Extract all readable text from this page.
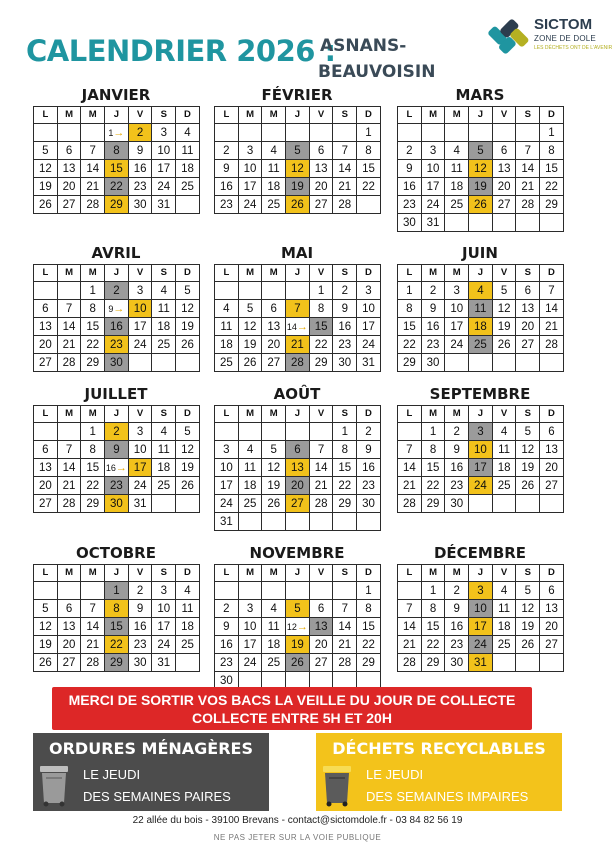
CALENDRIER 2026 :
ASNANS-
BEAUVOISIN
SICTOM
ZONE DE DOLE
LES DÉCHETS ONT DE L'AVENIR
JANVIER
L	M	M	J	V	S	D
			1→	2	3	4
5	6	7	8	9	10	11
12	13	14	15	16	17	18
19	20	21	22	23	24	25
26	27	28	29	30	31	
FÉVRIER
L	M	M	J	V	S	D
						1
2	3	4	5	6	7	8
9	10	11	12	13	14	15
16	17	18	19	20	21	22
23	24	25	26	27	28	
MARS
L	M	M	J	V	S	D
						1
2	3	4	5	6	7	8
9	10	11	12	13	14	15
16	17	18	19	20	21	22
23	24	25	26	27	28	29
30	31					
AVRIL
L	M	M	J	V	S	D
		1	2	3	4	5
6	7	8	9→	10	11	12
13	14	15	16	17	18	19
20	21	22	23	24	25	26
27	28	29	30			
MAI
L	M	M	J	V	S	D
				1	2	3
4	5	6	7	8	9	10
11	12	13	14→	15	16	17
18	19	20	21	22	23	24
25	26	27	28	29	30	31
JUIN
L	M	M	J	V	S	D
1	2	3	4	5	6	7
8	9	10	11	12	13	14
15	16	17	18	19	20	21
22	23	24	25	26	27	28
29	30					
JUILLET
L	M	M	J	V	S	D
		1	2	3	4	5
6	7	8	9	10	11	12
13	14	15	16→	17	18	19
20	21	22	23	24	25	26
27	28	29	30	31		
AOÛT
L	M	M	J	V	S	D
					1	2
3	4	5	6	7	8	9
10	11	12	13	14	15	16
17	18	19	20	21	22	23
24	25	26	27	28	29	30
31						
SEPTEMBRE
L	M	M	J	V	S	D
	1	2	3	4	5	6
7	8	9	10	11	12	13
14	15	16	17	18	19	20
21	22	23	24	25	26	27
28	29	30				
OCTOBRE
L	M	M	J	V	S	D
			1	2	3	4
5	6	7	8	9	10	11
12	13	14	15	16	17	18
19	20	21	22	23	24	25
26	27	28	29	30	31	
NOVEMBRE
L	M	M	J	V	S	D
						1
2	3	4	5	6	7	8
9	10	11	12→	13	14	15
16	17	18	19	20	21	22
23	24	25	26	27	28	29
30						
DÉCEMBRE
L	M	M	J	V	S	D
	1	2	3	4	5	6
7	8	9	10	11	12	13
14	15	16	17	18	19	20
21	22	23	24	25	26	27
28	29	30	31			
MERCI DE SORTIR VOS BACS LA VEILLE DU JOUR DE COLLECTE
COLLECTE ENTRE 5H ET 20H
ORDURES MÉNAGÈRES
LE JEUDI
DES SEMAINES PAIRES
DÉCHETS RECYCLABLES
LE JEUDI
DES SEMAINES IMPAIRES
22 allée du bois - 39100 Brevans - contact@sictomdole.fr - 03 84 82 56 19
NE PAS JETER SUR LA VOIE PUBLIQUE
